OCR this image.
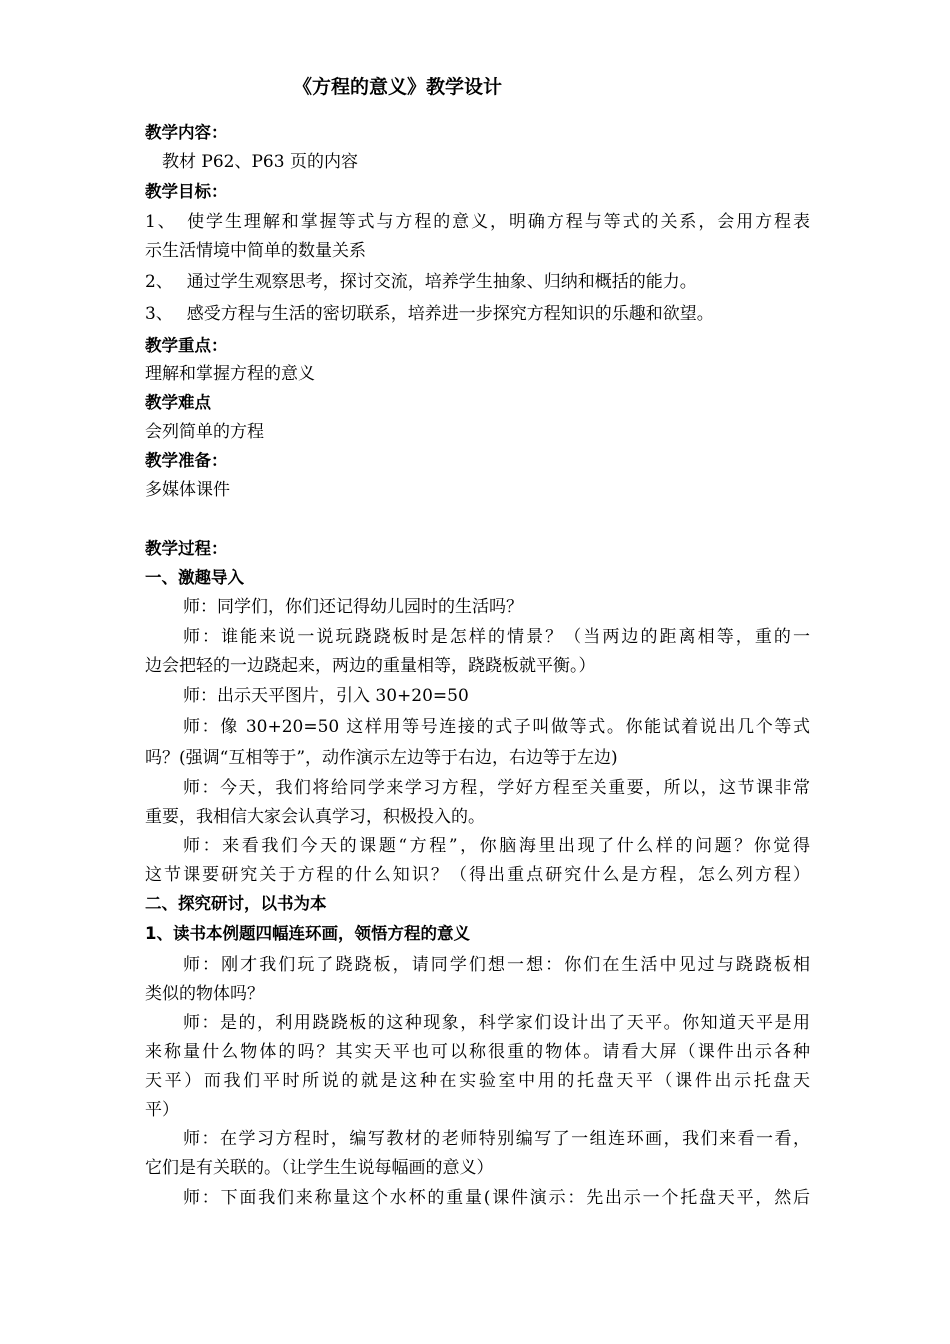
《方程的意义》教学设计
教学内容：
　教材 P62、P63 页的内容
教学目标：
1、　使学生理解和掌握等式与方程的意义，明确方程与等式的关系，会用方程表
示生活情境中简单的数量关系
2、　 通过学生观察思考，探讨交流，培养学生抽象、归纳和概括的能力。
3、　 感受方程与生活的密切联系，培养进一步探究方程知识的乐趣和欲望。
教学重点：
理解和掌握方程的意义
教学难点
会列简单的方程
教学准备：
多媒体课件
教学过程：
一、激趣导入
师：同学们，你们还记得幼儿园时的生活吗？
师：谁能来说一说玩跷跷板时是怎样的情景？（当两边的距离相等，重的一
边会把轻的一边跷起来，两边的重量相等，跷跷板就平衡。）
师：出示天平图片，引入 30+20=50
师：像 30+20=50 这样用等号连接的式子叫做等式。你能试着说出几个等式
吗？(强调“互相等于”，动作演示左边等于右边，右边等于左边)
师：今天，我们将给同学来学习方程，学好方程至关重要，所以，这节课非常
重要，我相信大家会认真学习，积极投入的。
师：来看我们今天的课题“方程”，你脑海里出现了什么样的问题？你觉得
这节课要研究关于方程的什么知识？（得出重点研究什么是方程，怎么列方程）
二、探究研讨，以书为本
1、读书本例题四幅连环画，领悟方程的意义
师：刚才我们玩了跷跷板，请同学们想一想：你们在生活中见过与跷跷板相
类似的物体吗？
师：是的，利用跷跷板的这种现象，科学家们设计出了天平。你知道天平是用
来称量什么物体的吗？其实天平也可以称很重的物体。请看大屏（课件出示各种
天平）而我们平时所说的就是这种在实验室中用的托盘天平（课件出示托盘天
平）
师：在学习方程时，编写教材的老师特别编写了一组连环画，我们来看一看，
它们是有关联的。（让学生生说每幅画的意义）
师：下面我们来称量这个水杯的重量(课件演示：先出示一个托盘天平，然后
